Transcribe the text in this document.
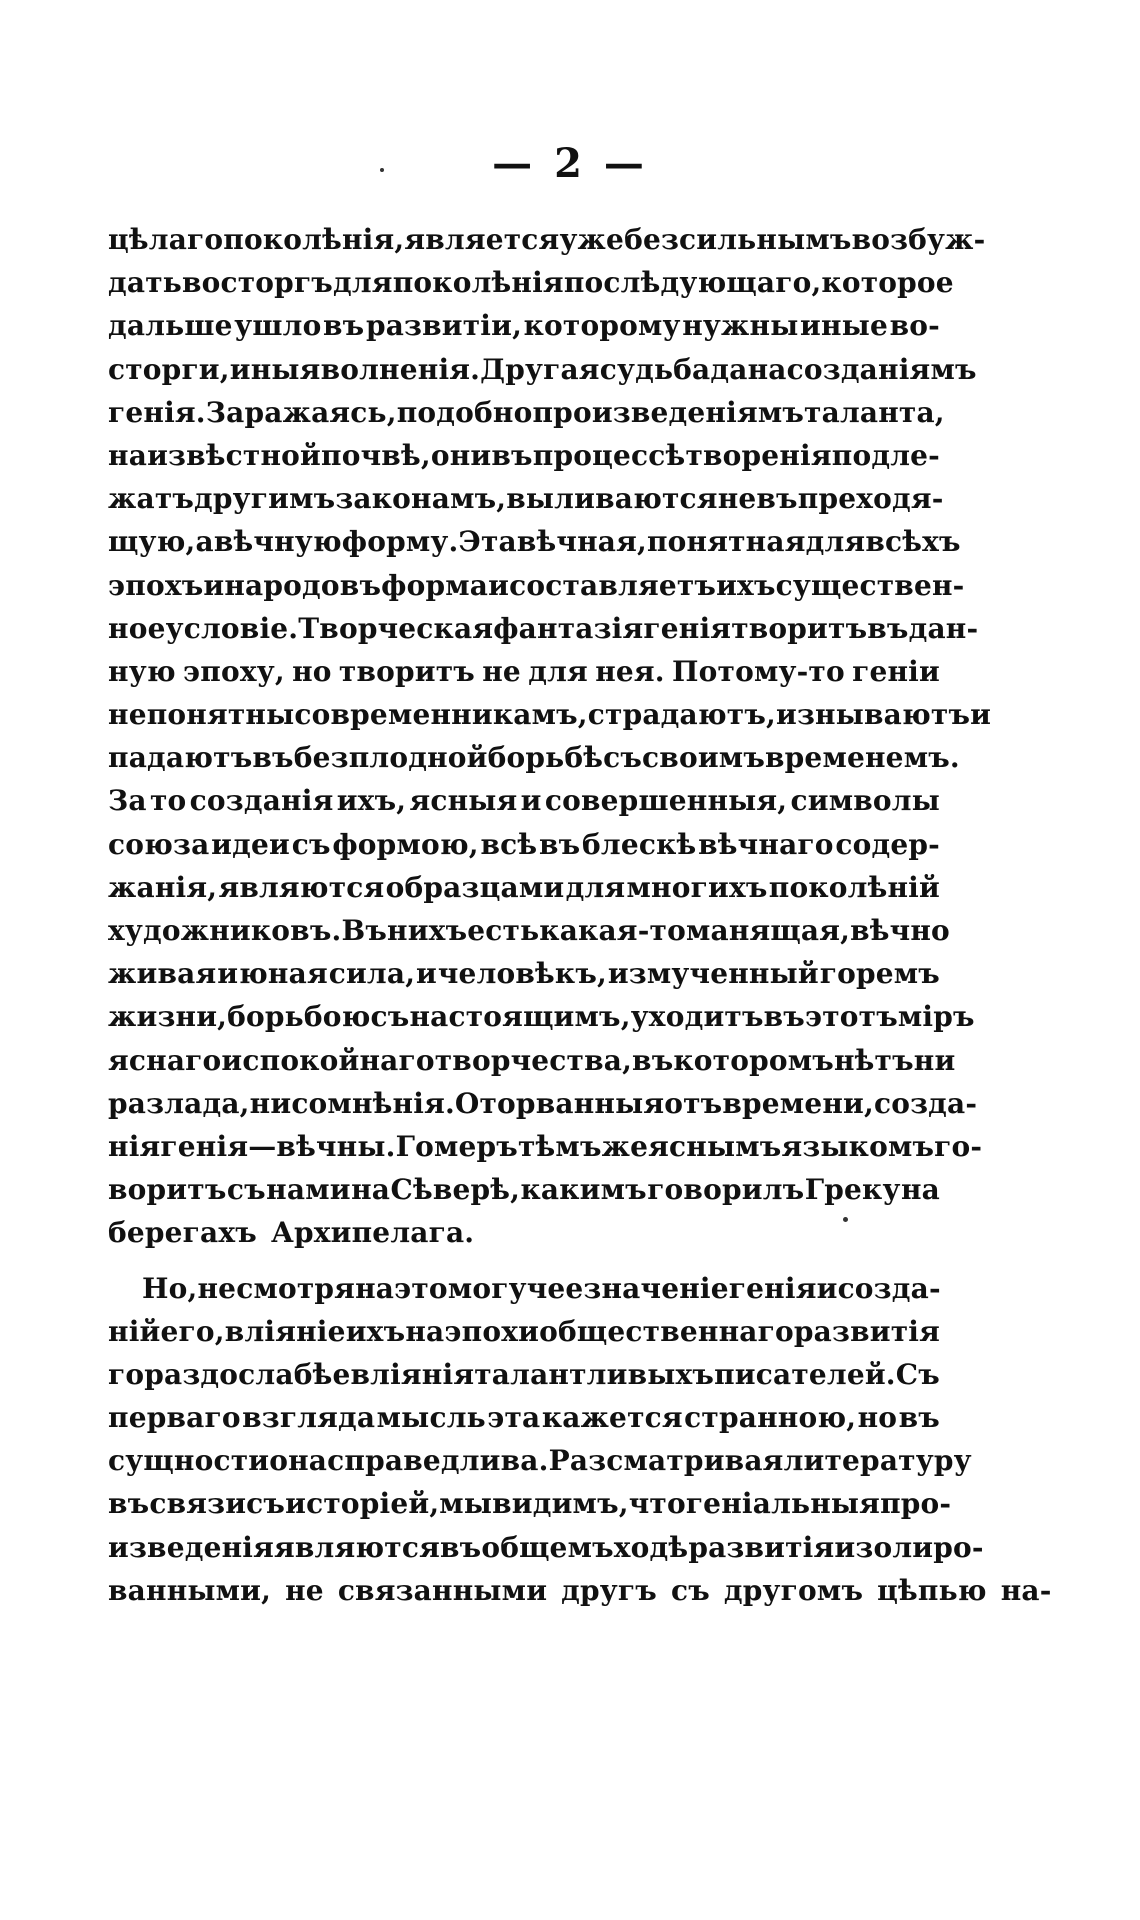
— 2 —
цѣлаго поколѣнія, является уже безсильнымъ возбуж-
дать восторгъ для поколѣнія послѣдующаго, которое
дальше ушло въ развитіи, которому нужны иные во-
сторги, иныя волненія. Другая судьба дана созданіямъ
генія. Заражаясь, подобно произведеніямъ таланта,
на извѣстной почвѣ, они въ процессѣ творенія подле-
жатъ другимъ законамъ, выливаются не въ преходя-
щую, а вѣчную форму. Эта вѣчная, понятная для всѣхъ
эпохъ и народовъ форма и составляетъ ихъ существен-
ное условіе. Творческая фантазія генія творитъ въ дан-
ную эпоху, но творитъ не для нея. Потому-то геніи
непонятны современникамъ, страдаютъ, изнываютъ и
падаютъ въ безплодной борьбѣ съ своимъ временемъ.
За то созданія ихъ, ясныя и совершенныя, символы
союза идеи съ формою, всѣ въ блескѣ вѣчнаго содер-
жанія, являются образцами для многихъ поколѣній
художниковъ. Въ нихъ есть какая-то манящая, вѣчно
живая и юная сила, и человѣкъ, измученный горемъ
жизни, борьбою съ настоящимъ, уходитъ въ этотъ міръ
яснаго и спокойнаго творчества, въ которомъ нѣтъ ни
разлада, ни сомнѣнія. Оторванныя отъ времени, созда-
нія генія — вѣчны. Гомеръ тѣмъ же яснымъ языкомъ го-
воритъ съ нами на Сѣверѣ, какимъ говорилъ Греку на
берегахъ Архипелага.
Но, не смотря на это могучее значеніе генія и созда-
ній его, вліяніе ихъ на эпохи общественнаго развитія
гораздо слабѣе вліянія талантливыхъ писателей. Съ
перваго взгляда мысль эта кажется странною, но въ
сущности она справедлива. Разсматривая литературу
въ связи съ исторіей, мы видимъ, что геніальныя про-
изведенія являются въ общемъ ходѣ развитія изолиро-
ванными, не связанными другъ съ другомъ цѣпью на-
